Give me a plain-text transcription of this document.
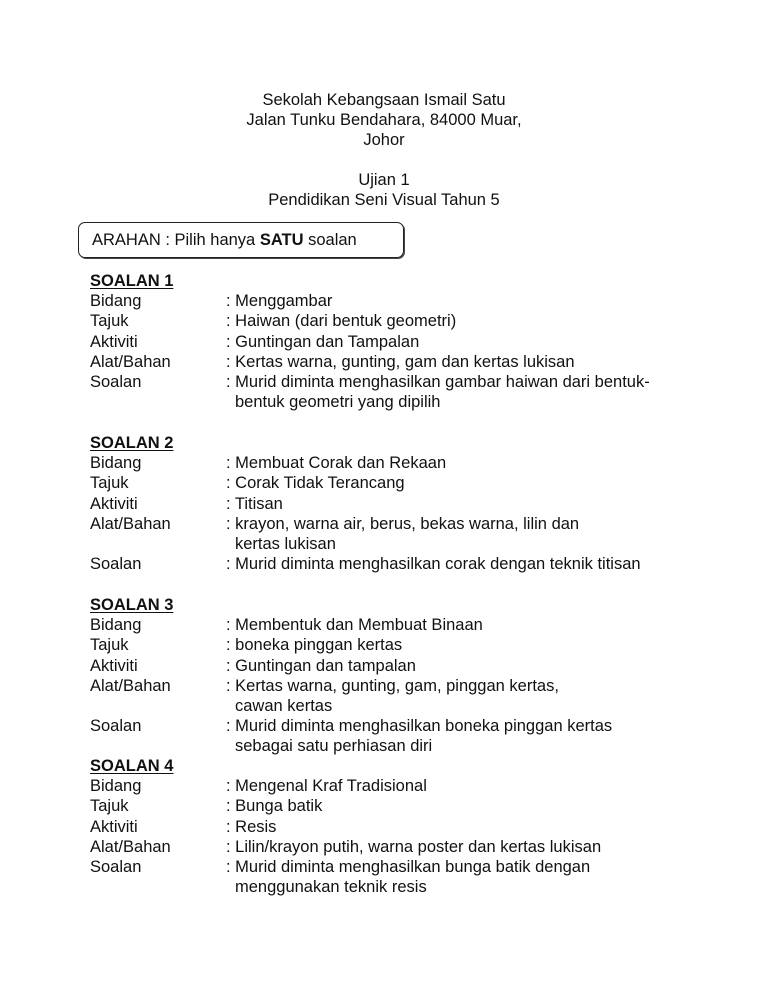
Sekolah Kebangsaan Ismail Satu
Jalan Tunku Bendahara, 84000 Muar,
Johor
Ujian 1
Pendidikan Seni Visual Tahun 5
ARAHAN : Pilih hanya SATU soalan
SOALAN 1
Bidang	: Menggambar
Tajuk	: Haiwan (dari bentuk geometri)
Aktiviti	: Guntingan dan Tampalan
Alat/Bahan	: Kertas warna, gunting, gam dan kertas lukisan
Soalan	: Murid diminta menghasilkan gambar haiwan dari bentuk-
bentuk geometri yang dipilih
SOALAN 2
Bidang	: Membuat Corak dan Rekaan
Tajuk	: Corak Tidak Terancang
Aktiviti	: Titisan
Alat/Bahan	: krayon, warna air, berus, bekas warna, lilin dan
kertas lukisan
Soalan	: Murid diminta menghasilkan corak dengan teknik titisan
SOALAN 3
Bidang	: Membentuk dan Membuat Binaan
Tajuk	: boneka pinggan kertas
Aktiviti	: Guntingan dan tampalan
Alat/Bahan	: Kertas warna, gunting, gam, pinggan kertas,
cawan kertas
Soalan	: Murid diminta menghasilkan boneka pinggan kertas
sebagai satu perhiasan diri
SOALAN 4
Bidang	: Mengenal Kraf Tradisional
Tajuk	: Bunga batik
Aktiviti	: Resis
Alat/Bahan	: Lilin/krayon putih, warna poster dan kertas lukisan
Soalan	: Murid diminta menghasilkan bunga batik dengan
menggunakan teknik resis
